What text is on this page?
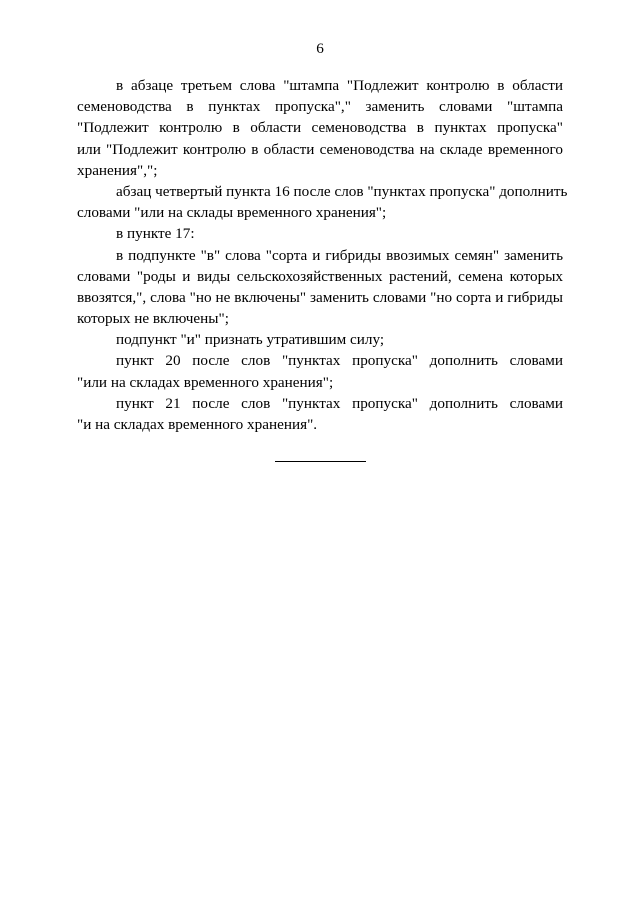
6
в абзаце третьем слова "штампа "Подлежит контролю в области
семеноводства в пунктах пропуска"," заменить словами "штампа
"Подлежит контролю в области семеноводства в пунктах пропуска"
или "Подлежит контролю в области семеноводства на складе временного
хранения",";
абзац четвертый пункта 16 после слов "пунктах пропуска" дополнить
словами "или на склады временного хранения";
в пункте 17:
в подпункте "в" слова "сорта и гибриды ввозимых семян" заменить
словами "роды и виды сельскохозяйственных растений, семена которых
ввозятся,", слова "но не включены" заменить словами "но сорта и гибриды
которых не включены";
подпункт "и" признать утратившим силу;
пункт 20 после слов "пунктах пропуска" дополнить словами
"или на складах временного хранения";
пункт 21 после слов "пунктах пропуска" дополнить словами
"и на складах временного хранения".
